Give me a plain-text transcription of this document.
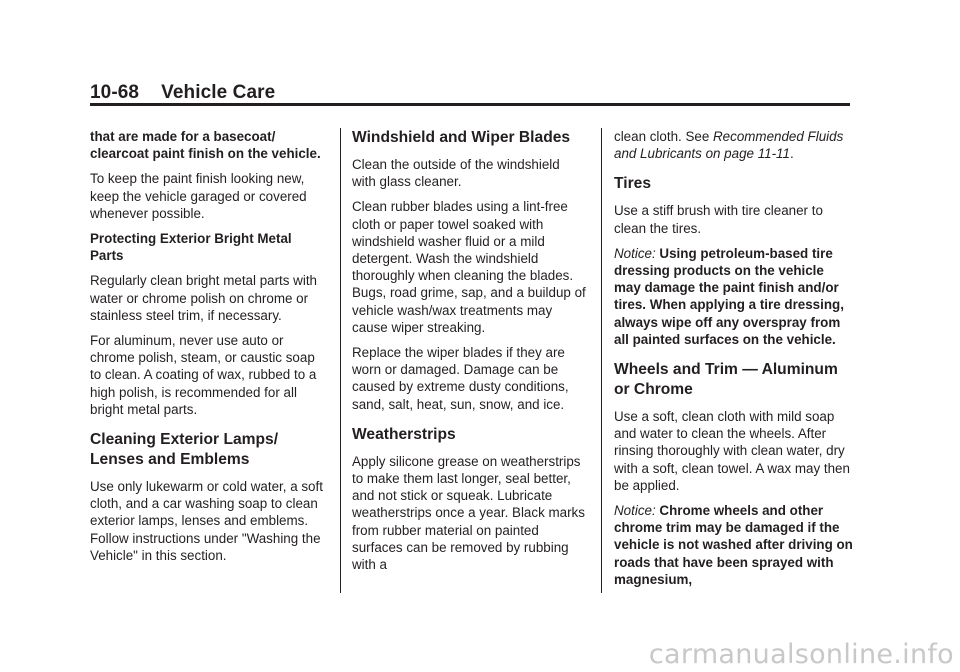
10-68 Vehicle Care

that are made for a basecoat/ clearcoat paint finish on the vehicle.

To keep the paint finish looking new, keep the vehicle garaged or covered whenever possible.

Protecting Exterior Bright Metal Parts

Regularly clean bright metal parts with water or chrome polish on chrome or stainless steel trim, if necessary.

For aluminum, never use auto or chrome polish, steam, or caustic soap to clean. A coating of wax, rubbed to a high polish, is recommended for all bright metal parts.

Cleaning Exterior Lamps/ Lenses and Emblems

Use only lukewarm or cold water, a soft cloth, and a car washing soap to clean exterior lamps, lenses and emblems. Follow instructions under "Washing the Vehicle" in this section.

Windshield and Wiper Blades

Clean the outside of the windshield with glass cleaner.

Clean rubber blades using a lint-free cloth or paper towel soaked with windshield washer fluid or a mild detergent. Wash the windshield thoroughly when cleaning the blades. Bugs, road grime, sap, and a buildup of vehicle wash/wax treatments may cause wiper streaking.

Replace the wiper blades if they are worn or damaged. Damage can be caused by extreme dusty conditions, sand, salt, heat, sun, snow, and ice.

Weatherstrips

Apply silicone grease on weatherstrips to make them last longer, seal better, and not stick or squeak. Lubricate weatherstrips once a year. Black marks from rubber material on painted surfaces can be removed by rubbing with a

clean cloth. See Recommended Fluids and Lubricants on page 11-11.

Tires

Use a stiff brush with tire cleaner to clean the tires.

Notice: Using petroleum-based tire dressing products on the vehicle may damage the paint finish and/or tires. When applying a tire dressing, always wipe off any overspray from all painted surfaces on the vehicle.

Wheels and Trim — Aluminum or Chrome

Use a soft, clean cloth with mild soap and water to clean the wheels. After rinsing thoroughly with clean water, dry with a soft, clean towel. A wax may then be applied.

Notice: Chrome wheels and other chrome trim may be damaged if the vehicle is not washed after driving on roads that have been sprayed with magnesium,

carmanualsonline.info
